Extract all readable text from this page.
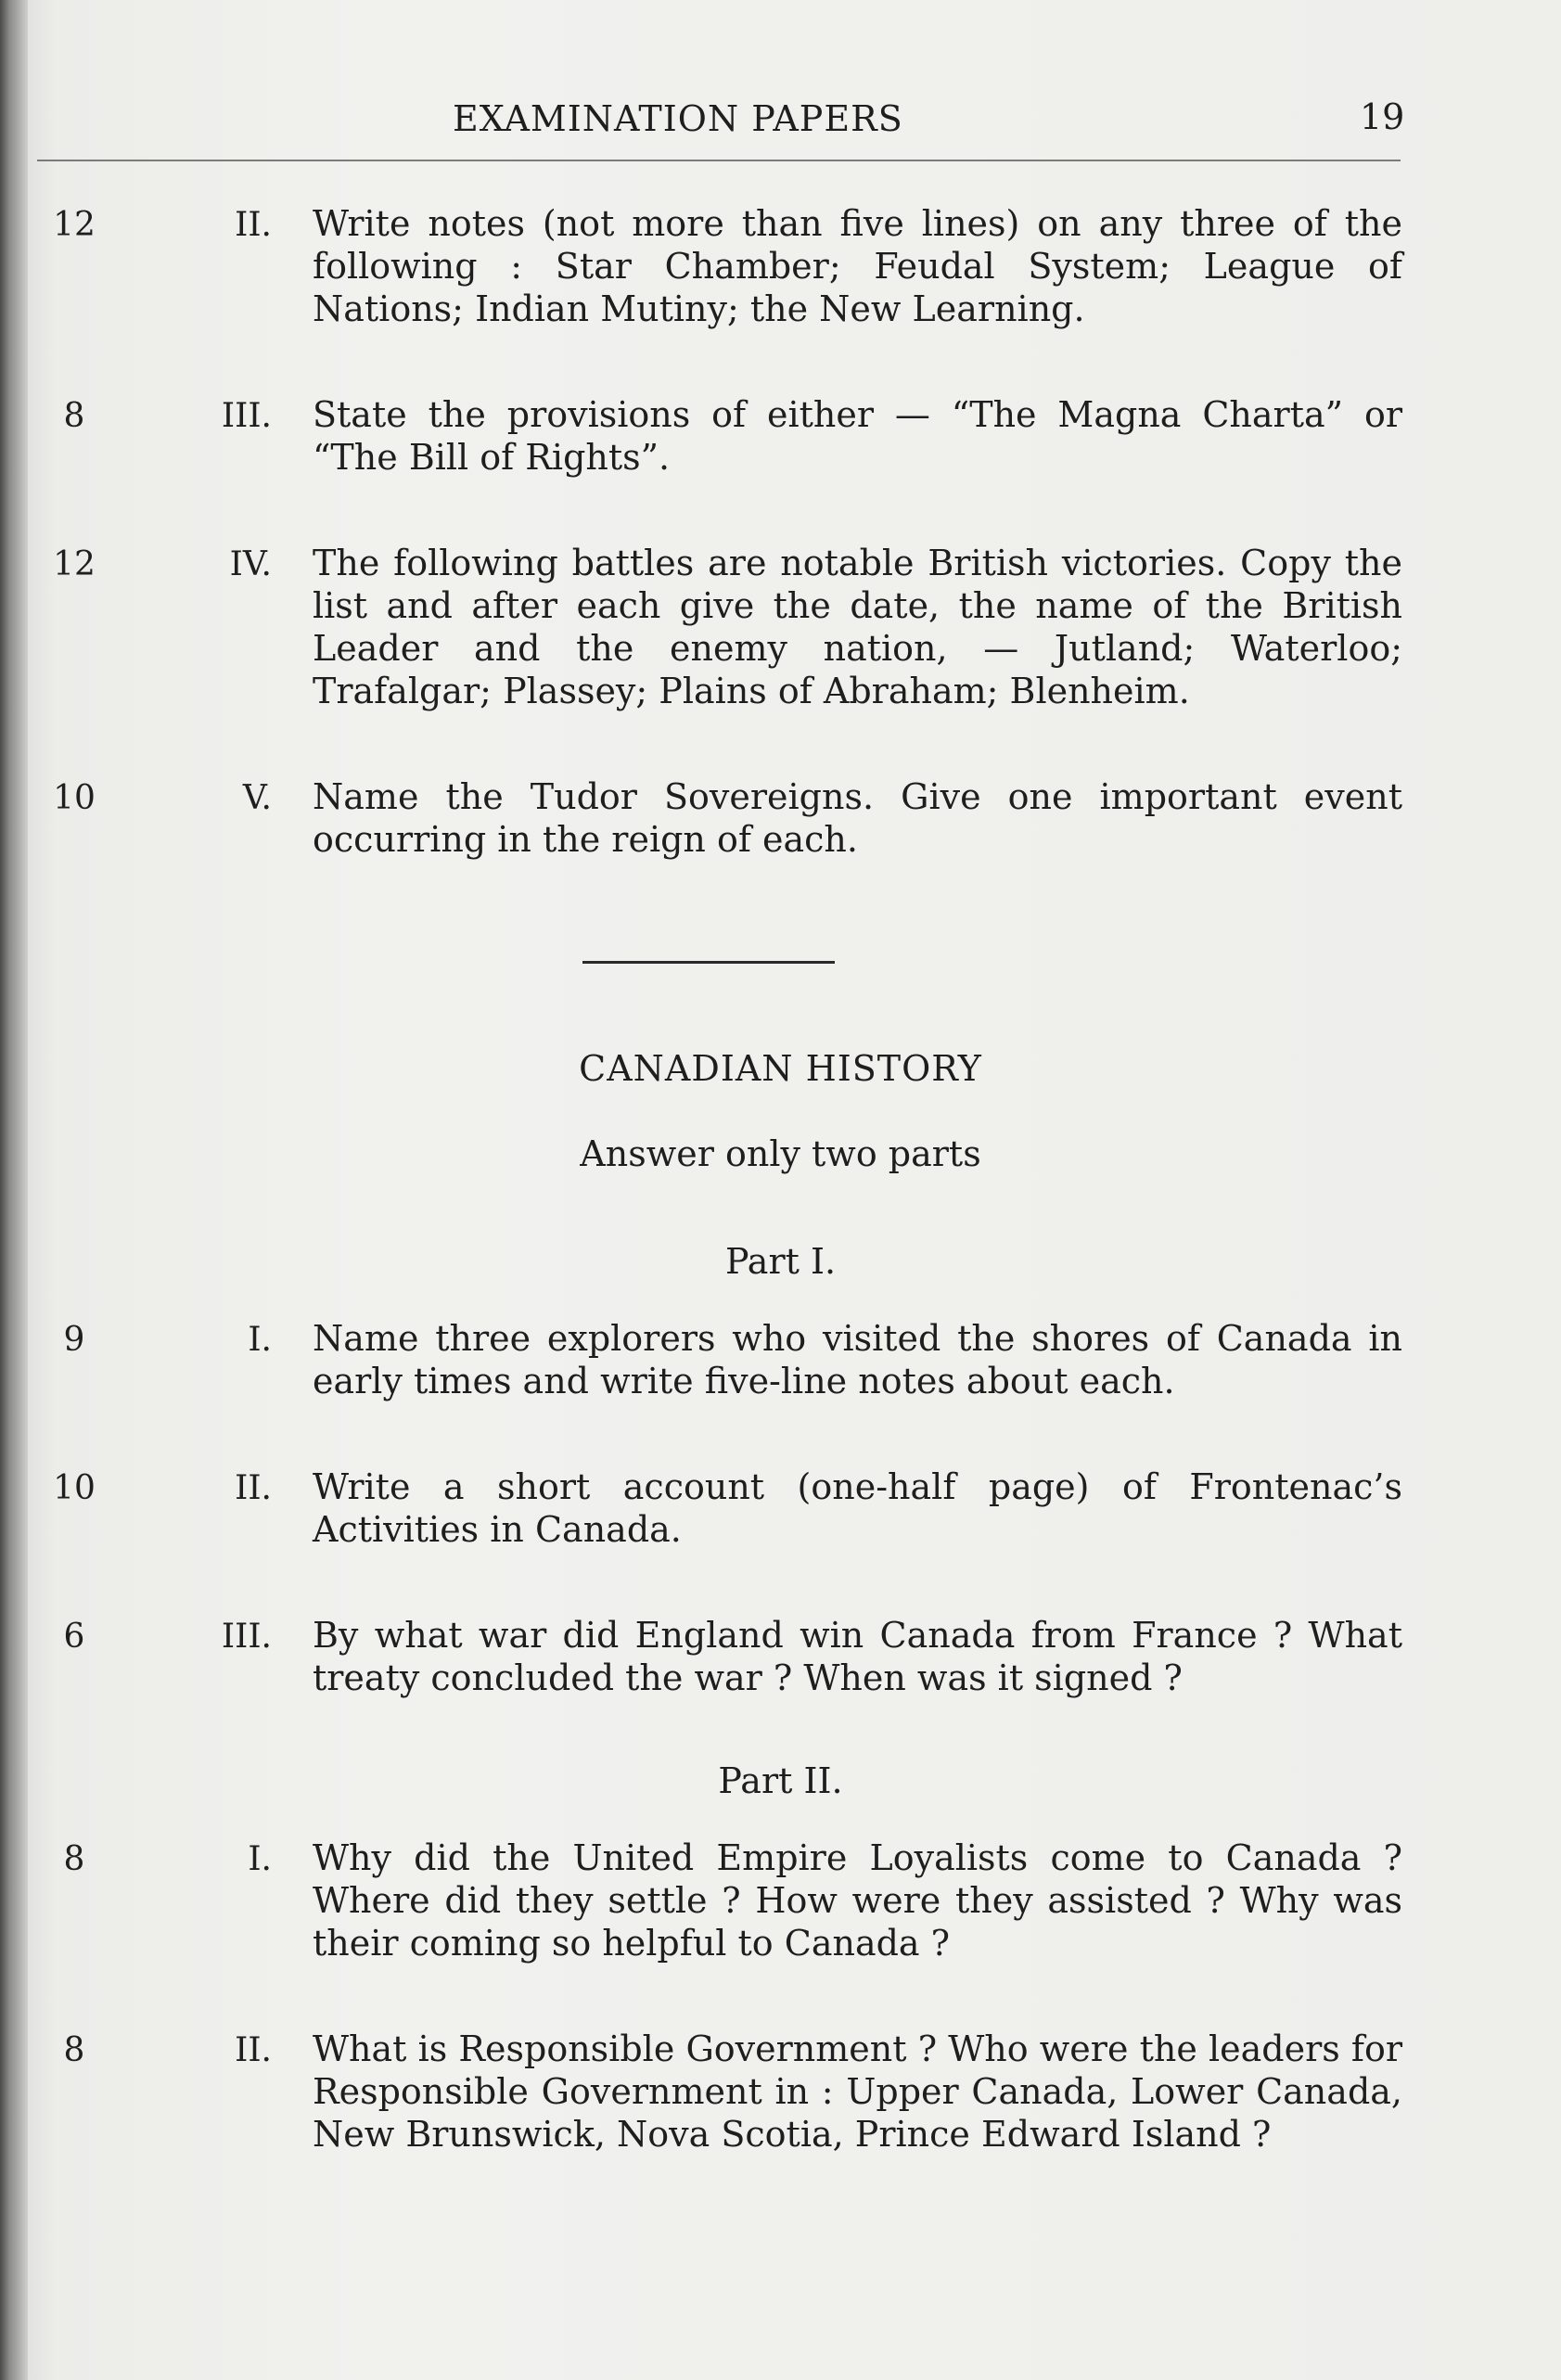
EXAMINATION PAPERS	19
12	II. Write notes (not more than five lines) on any three of the following : Star Chamber; Feudal System; League of Nations; Indian Mutiny; the New Learning.
8	III. State the provisions of either — “The Magna Charta” or “The Bill of Rights”.
12	IV. The following battles are notable British victories. Copy the list and after each give the date, the name of the British Leader and the enemy nation, — Jutland; Waterloo; Trafalgar; Plassey; Plains of Abraham; Blenheim.
10	V. Name the Tudor Sovereigns. Give one important event occurring in the reign of each.
CANADIAN HISTORY
Answer only two parts
Part I.
9	I. Name three explorers who visited the shores of Canada in early times and write five-line notes about each.
10	II. Write a short account (one-half page) of Frontenac’s Activities in Canada.
6	III. By what war did England win Canada from France ? What treaty concluded the war ? When was it signed ?
Part II.
8	I. Why did the United Empire Loyalists come to Canada ? Where did they settle ? How were they assisted ? Why was their coming so helpful to Canada ?
8	II. What is Responsible Government ? Who were the leaders for Responsible Government in : Upper Canada, Lower Canada, New Brunswick, Nova Scotia, Prince Edward Island ?
